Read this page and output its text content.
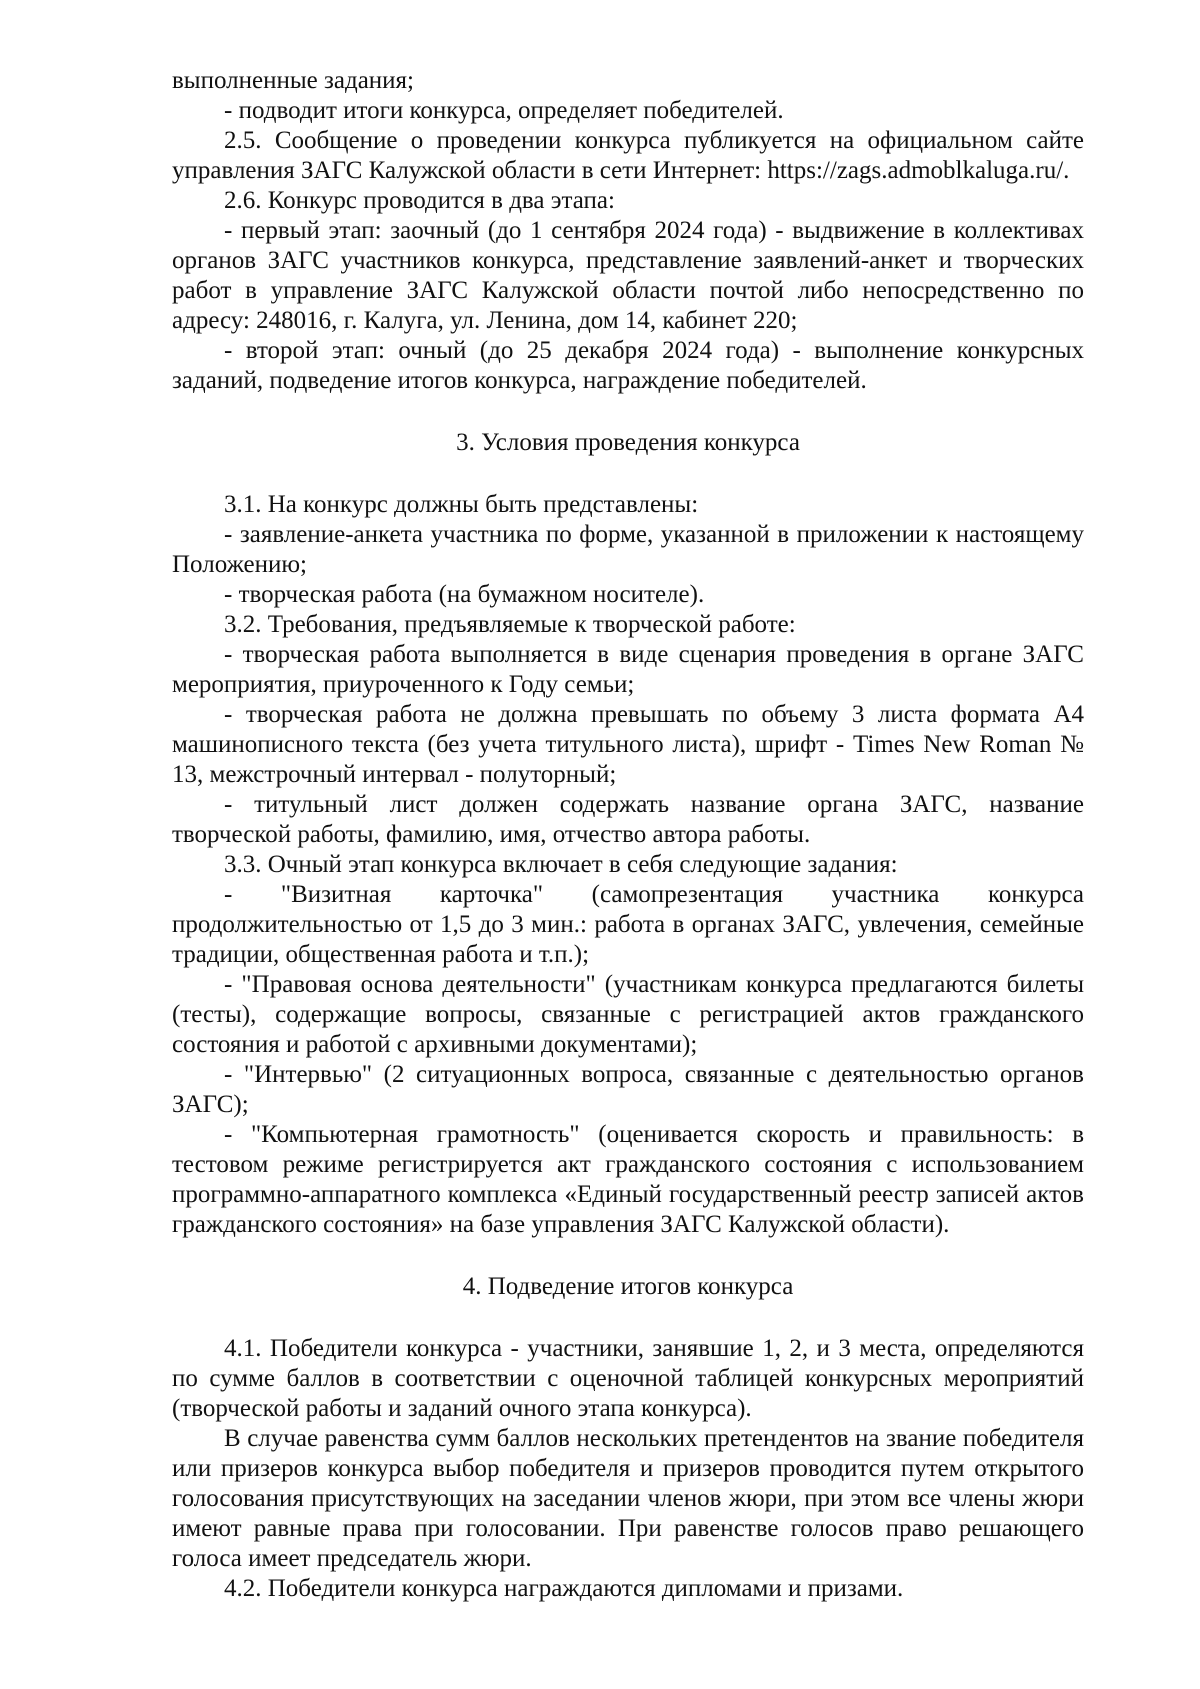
выполненные задания;

- подводит итоги конкурса, определяет победителей.

2.5. Сообщение о проведении конкурса публикуется на официальном сайте управления ЗАГС Калужской области в сети Интернет: https://zags.admoblkaluga.ru/.

2.6. Конкурс проводится в два этапа:

- первый этап: заочный (до 1 сентября 2024 года) - выдвижение в коллективах органов ЗАГС участников конкурса, представление заявлений-анкет и творческих работ в управление ЗАГС Калужской области почтой либо непосредственно по адресу: 248016, г. Калуга, ул. Ленина, дом 14, кабинет 220;

- второй этап: очный (до 25 декабря 2024 года) - выполнение конкурсных заданий, подведение итогов конкурса, награждение победителей.

3. Условия проведения конкурса

3.1. На конкурс должны быть представлены:

- заявление-анкета участника по форме, указанной в приложении к настоящему Положению;

- творческая работа (на бумажном носителе).

3.2. Требования, предъявляемые к творческой работе:

- творческая работа выполняется в виде сценария проведения в органе ЗАГС мероприятия, приуроченного к Году семьи;

- творческая работа не должна превышать по объему 3 листа формата А4 машинописного текста (без учета титульного листа), шрифт - Times New Roman № 13, межстрочный интервал - полуторный;

- титульный лист должен содержать название органа ЗАГС, название творческой работы, фамилию, имя, отчество автора работы.

3.3. Очный этап конкурса включает в себя следующие задания:

- "Визитная карточка" (самопрезентация участника конкурса продолжительностью от 1,5 до 3 мин.: работа в органах ЗАГС, увлечения, семейные традиции, общественная работа и т.п.);

- "Правовая основа деятельности" (участникам конкурса предлагаются билеты (тесты), содержащие вопросы, связанные с регистрацией актов гражданского состояния и работой с архивными документами);

- "Интервью" (2 ситуационных вопроса, связанные с деятельностью органов ЗАГС);

- "Компьютерная грамотность" (оценивается скорость и правильность: в тестовом режиме регистрируется акт гражданского состояния с использованием программно-аппаратного комплекса «Единый государственный реестр записей актов гражданского состояния» на базе управления ЗАГС Калужской области).

4. Подведение итогов конкурса

4.1. Победители конкурса - участники, занявшие 1, 2, и 3 места, определяются по сумме баллов в соответствии с оценочной таблицей конкурсных мероприятий (творческой работы и заданий очного этапа конкурса).

В случае равенства сумм баллов нескольких претендентов на звание победителя или призеров конкурса выбор победителя и призеров проводится путем открытого голосования присутствующих на заседании членов жюри, при этом все члены жюри имеют равные права при голосовании. При равенстве голосов право решающего голоса имеет председатель жюри.

4.2. Победители конкурса награждаются дипломами и призами.
